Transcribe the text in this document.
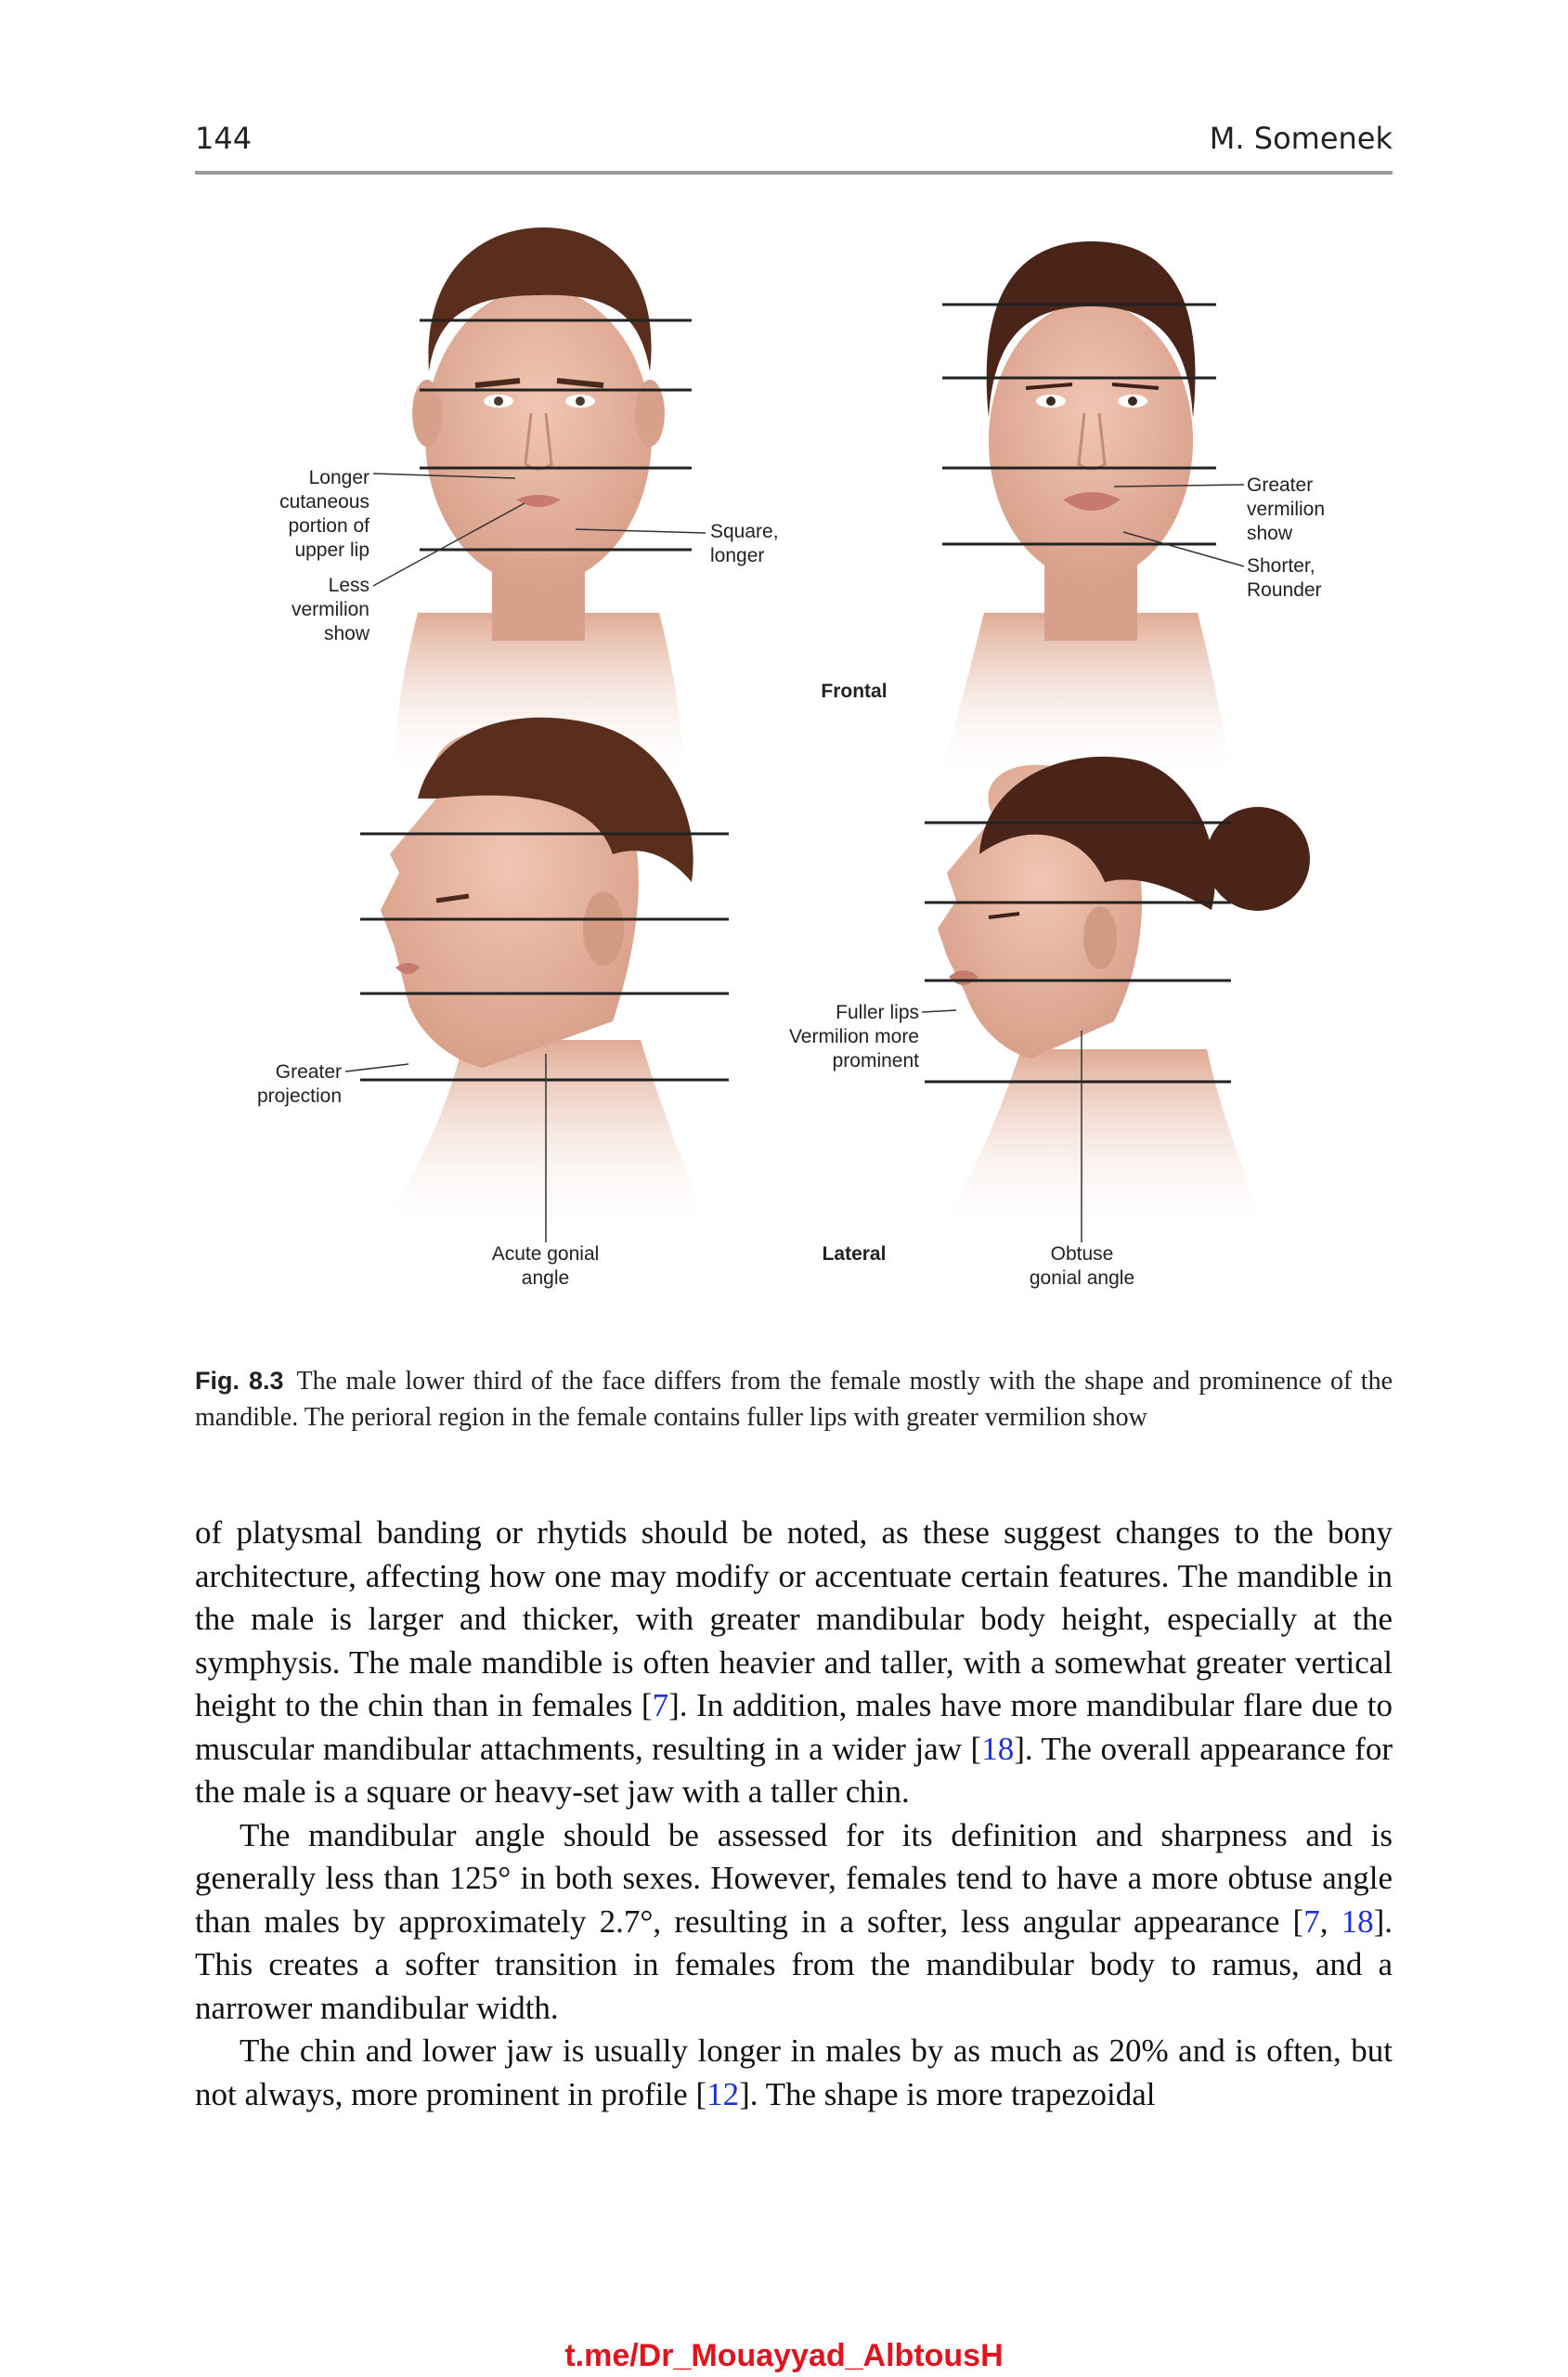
144	M. Somenek
Longer
cutaneous
portion of
upper lip
Less
vermilion
show
Square,
longer
Greater
vermilion
show
Shorter,
Rounder
Frontal
Greater
projection
Fuller lips
Vermilion more
prominent
Acute gonial
angle
Lateral	Obtuse
gonial angle
Fig. 8.3 The male lower third of the face differs from the female mostly with the shape and prominence of the mandible. The perioral region in the female contains fuller lips with greater vermilion show

of platysmal banding or rhytids should be noted, as these suggest changes to the bony architecture, affecting how one may modify or accentuate certain features. The mandible in the male is larger and thicker, with greater mandibular body height, especially at the symphysis. The male mandible is often heavier and taller, with a somewhat greater vertical height to the chin than in females [7]. In addition, males have more mandibular flare due to muscular mandibular attachments, resulting in a wider jaw [18]. The overall appearance for the male is a square or heavy-set jaw with a taller chin.

The mandibular angle should be assessed for its definition and sharpness and is generally less than 125° in both sexes. However, females tend to have a more obtuse angle than males by approximately 2.7°, resulting in a softer, less angular appearance [7, 18]. This creates a softer transition in females from the mandibular body to ramus, and a narrower mandibular width.

The chin and lower jaw is usually longer in males by as much as 20% and is often, but not always, more prominent in profile [12]. The shape is more trapezoidal

t.me/Dr_Mouayyad_AlbtousH
